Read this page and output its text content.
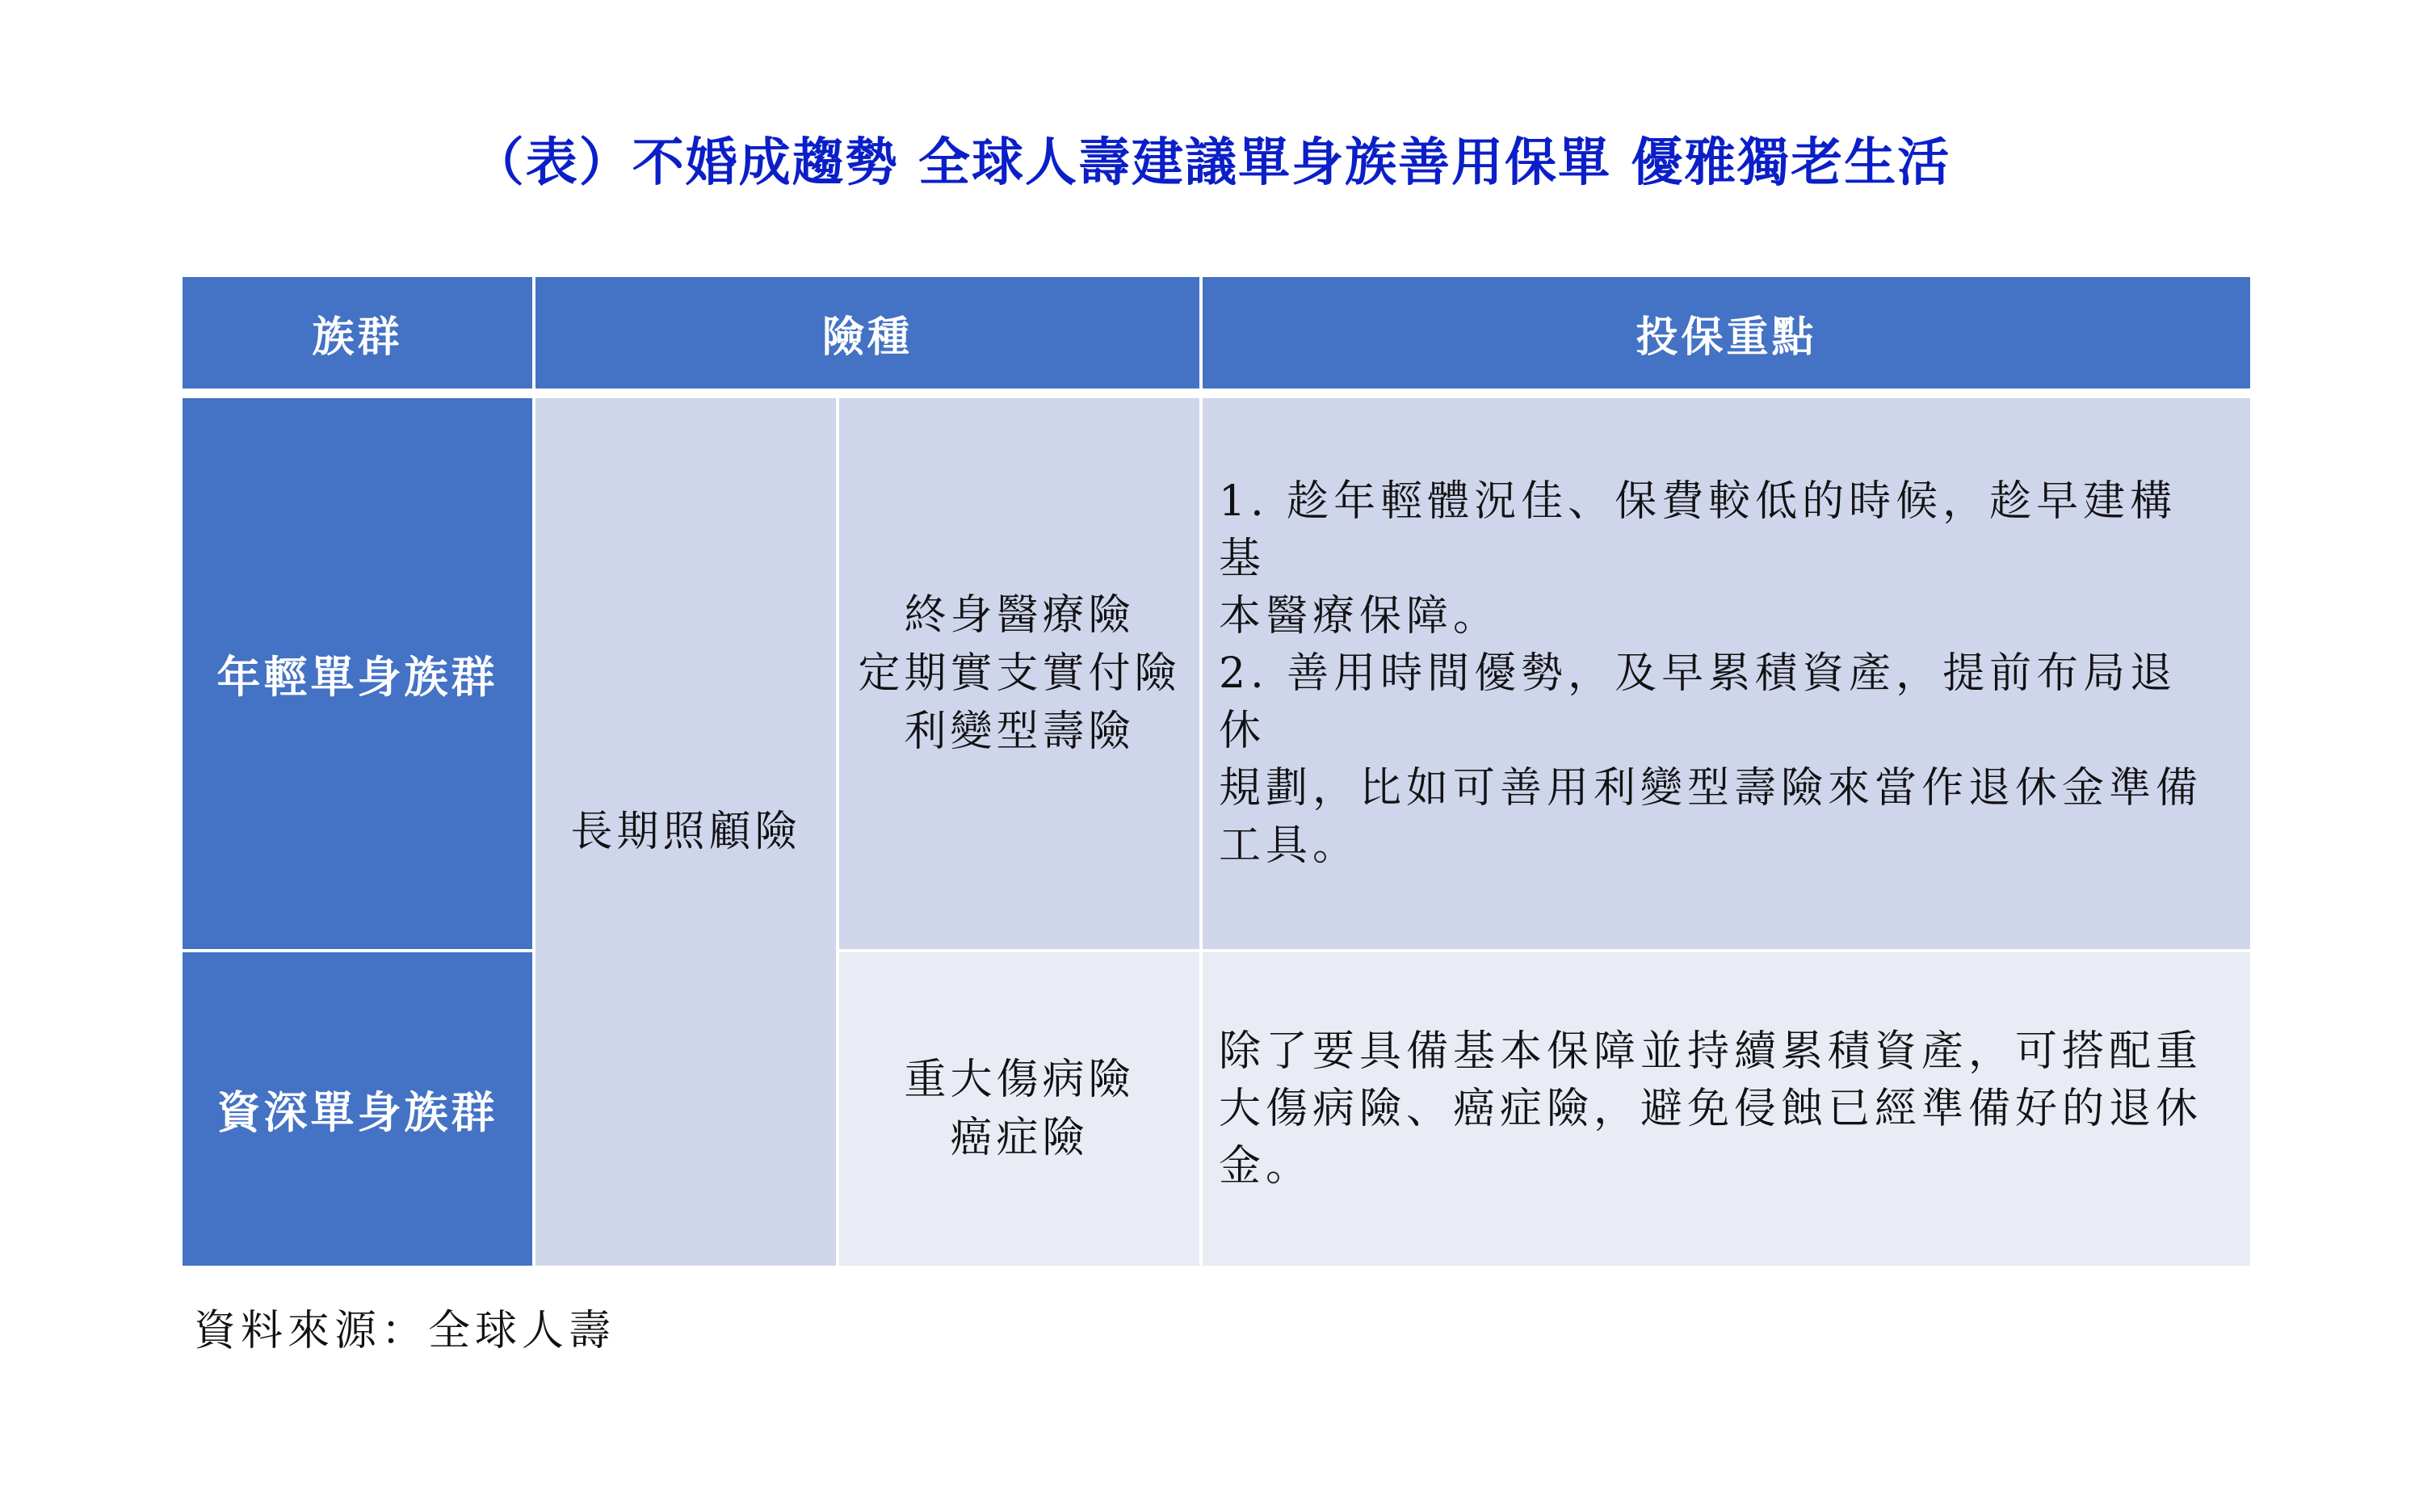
（表）不婚成趨勢 全球人壽建議單身族善用保單 優雅獨老生活
族群	險種	投保重點
年輕單身族群
資深單身族群
長期照顧險
終身醫療險
定期實支實付險
利變型壽險
重大傷病險
癌症險
1. 趁年輕體況佳、保費較低的時候，趁早建構基
本醫療保障。
2. 善用時間優勢，及早累積資產，提前布局退休
規劃，比如可善用利變型壽險來當作退休金準備
工具。
除了要具備基本保障並持續累積資產，可搭配重
大傷病險、癌症險，避免侵蝕已經準備好的退休
金。
資料來源：全球人壽
